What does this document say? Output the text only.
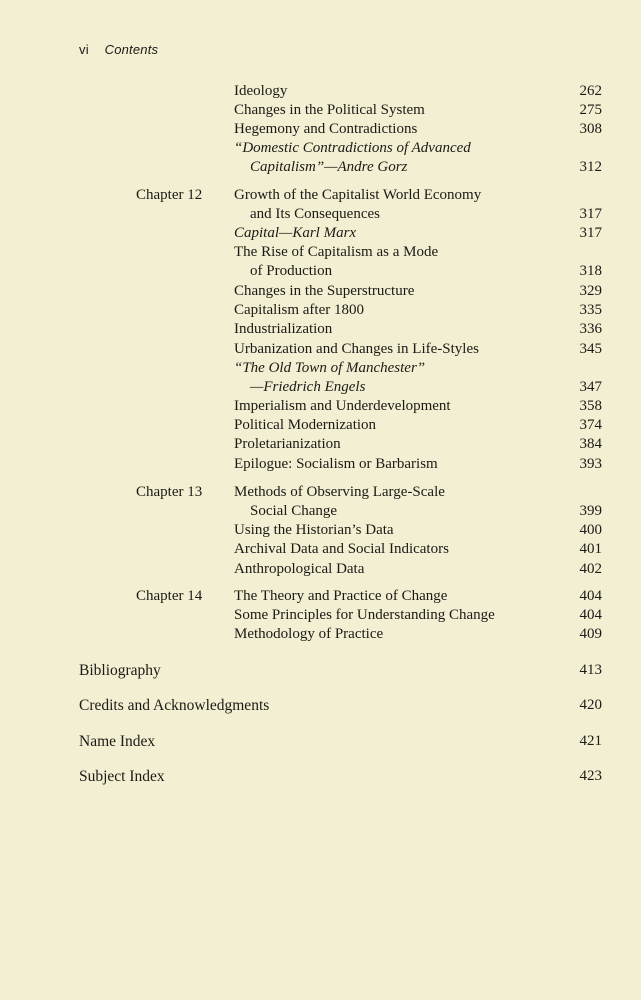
vi Contents
Ideology	262
Changes in the Political System	275
Hegemony and Contradictions	308
“Domestic Contradictions of Advanced
Capitalism”—Andre Gorz	312
Chapter 12 Growth of the Capitalist World Economy
and Its Consequences	317
Capital—Karl Marx	317
The Rise of Capitalism as a Mode
of Production	318
Changes in the Superstructure	329
Capitalism after 1800	335
Industrialization	336
Urbanization and Changes in Life-Styles	345
“The Old Town of Manchester”
—Friedrich Engels	347
Imperialism and Underdevelopment	358
Political Modernization	374
Proletarianization	384
Epilogue: Socialism or Barbarism	393
Chapter 13 Methods of Observing Large-Scale
Social Change	399
Using the Historian’s Data	400
Archival Data and Social Indicators	401
Anthropological Data	402
Chapter 14 The Theory and Practice of Change	404
Some Principles for Understanding Change	404
Methodology of Practice	409
Bibliography	413
Credits and Acknowledgments	420
Name Index	421
Subject Index	423
